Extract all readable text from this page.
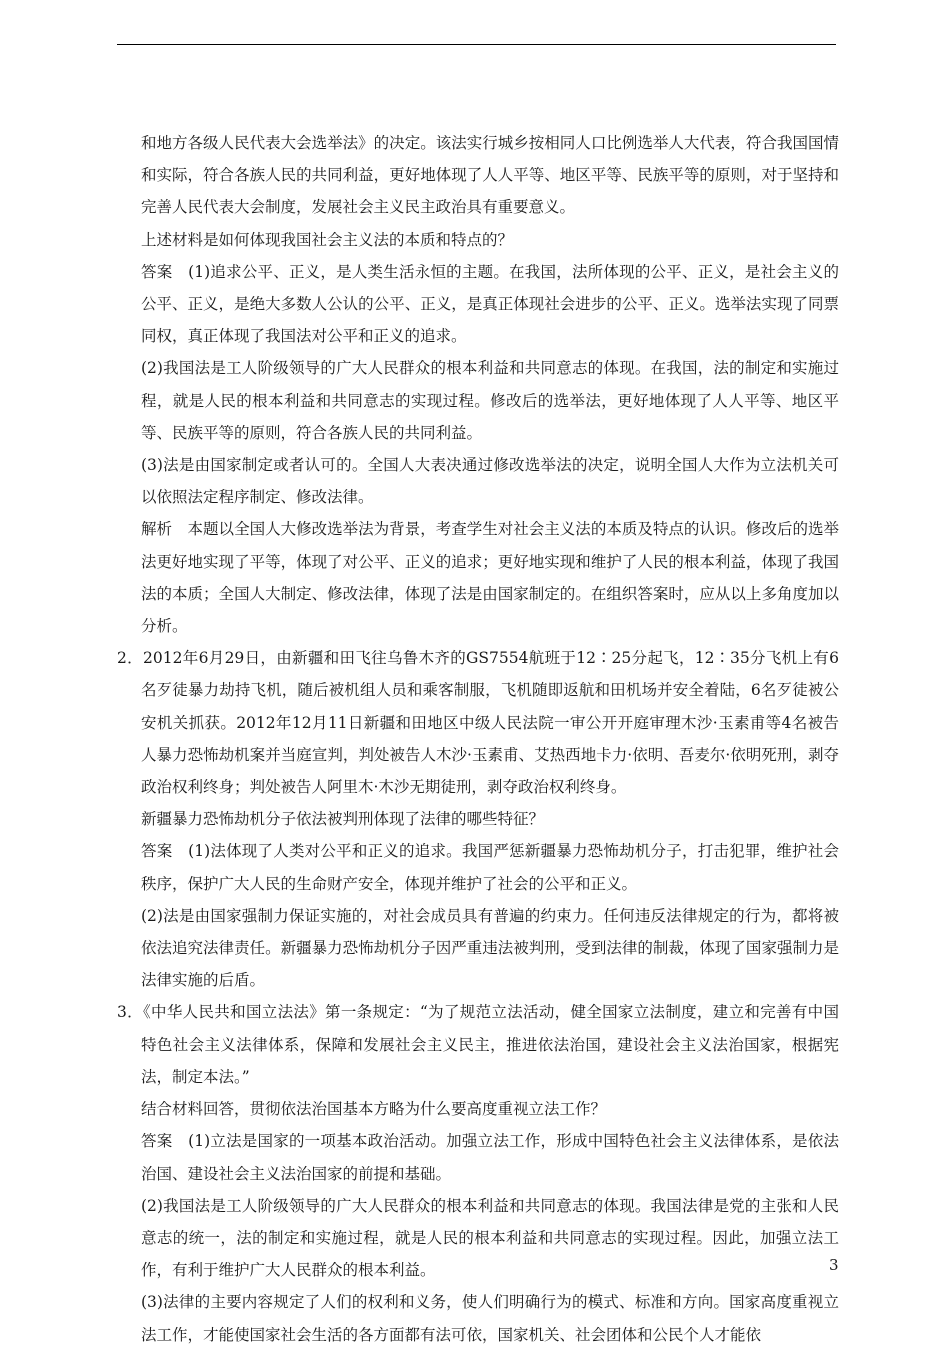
和地方各级人民代表大会选举法》的决定。该法实行城乡按相同人口比例选举人大代表，符合我国国情和实际，符合各族人民的共同利益，更好地体现了人人平等、地区平等、民族平等的原则，对于坚持和完善人民代表大会制度，发展社会主义民主政治具有重要意义。

上述材料是如何体现我国社会主义法的本质和特点的？

答案　(1)追求公平、正义，是人类生活永恒的主题。在我国，法所体现的公平、正义，是社会主义的公平、正义，是绝大多数人公认的公平、正义，是真正体现社会进步的公平、正义。选举法实现了同票同权，真正体现了我国法对公平和正义的追求。

(2)我国法是工人阶级领导的广大人民群众的根本利益和共同意志的体现。在我国，法的制定和实施过程，就是人民的根本利益和共同意志的实现过程。修改后的选举法，更好地体现了人人平等、地区平等、民族平等的原则，符合各族人民的共同利益。

(3)法是由国家制定或者认可的。全国人大表决通过修改选举法的决定，说明全国人大作为立法机关可以依照法定程序制定、修改法律。

解析　本题以全国人大修改选举法为背景，考查学生对社会主义法的本质及特点的认识。修改后的选举法更好地实现了平等，体现了对公平、正义的追求；更好地实现和维护了人民的根本利益，体现了我国法的本质；全国人大制定、修改法律，体现了法是由国家制定的。在组织答案时，应从以上多角度加以分析。

2．2012年6月29日，由新疆和田飞往乌鲁木齐的GS7554航班于12∶25分起飞，12∶35分飞机上有6名歹徒暴力劫持飞机，随后被机组人员和乘客制服，飞机随即返航和田机场并安全着陆，6名歹徒被公安机关抓获。2012年12月11日新疆和田地区中级人民法院一审公开开庭审理木沙·玉素甫等4名被告人暴力恐怖劫机案并当庭宣判，判处被告人木沙·玉素甫、艾热西地卡力·依明、吾麦尔·依明死刑，剥夺政治权利终身；判处被告人阿里木·木沙无期徒刑，剥夺政治权利终身。

新疆暴力恐怖劫机分子依法被判刑体现了法律的哪些特征？

答案　(1)法体现了人类对公平和正义的追求。我国严惩新疆暴力恐怖劫机分子，打击犯罪，维护社会秩序，保护广大人民的生命财产安全，体现并维护了社会的公平和正义。

(2)法是由国家强制力保证实施的，对社会成员具有普遍的约束力。任何违反法律规定的行为，都将被依法追究法律责任。新疆暴力恐怖劫机分子因严重违法被判刑，受到法律的制裁，体现了国家强制力是法律实施的后盾。

3．《中华人民共和国立法法》第一条规定：“为了规范立法活动，健全国家立法制度，建立和完善有中国特色社会主义法律体系，保障和发展社会主义民主，推进依法治国，建设社会主义法治国家，根据宪法，制定本法。”

结合材料回答，贯彻依法治国基本方略为什么要高度重视立法工作？

答案　(1)立法是国家的一项基本政治活动。加强立法工作，形成中国特色社会主义法律体系，是依法治国、建设社会主义法治国家的前提和基础。

(2)我国法是工人阶级领导的广大人民群众的根本利益和共同意志的体现。我国法律是党的主张和人民意志的统一，法的制定和实施过程，就是人民的根本利益和共同意志的实现过程。因此，加强立法工作，有利于维护广大人民群众的根本利益。

(3)法律的主要内容规定了人们的权利和义务，使人们明确行为的模式、标准和方向。国家高度重视立法工作，才能使国家社会生活的各方面都有法可依，国家机关、社会团体和公民个人才能依

3
